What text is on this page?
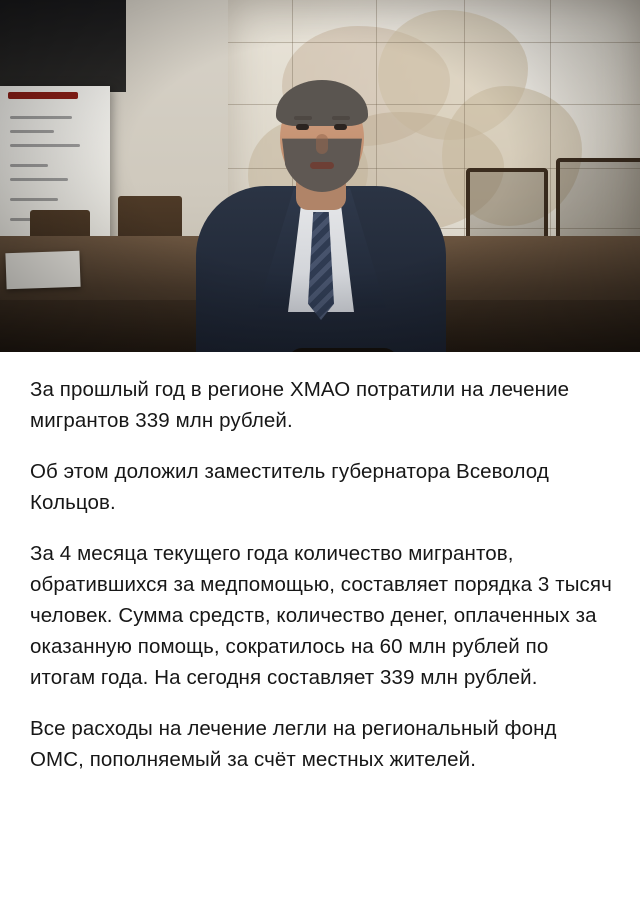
За прошлый год в регионе ХМАО потратили на лечение мигрантов 339 млн рублей.

Об этом доложил заместитель губернатора Всеволод Кольцов.

За 4 месяца текущего года количество мигрантов, обратившихся за медпомощью, составляет порядка 3 тысяч человек. Сумма средств, количество денег, оплаченных за оказанную помощь, сократилось на 60 млн рублей по итогам года. На сегодня составляет 339 млн рублей.

Все расходы на лечение легли на региональный фонд ОМС, пополняемый за счёт местных жителей.
